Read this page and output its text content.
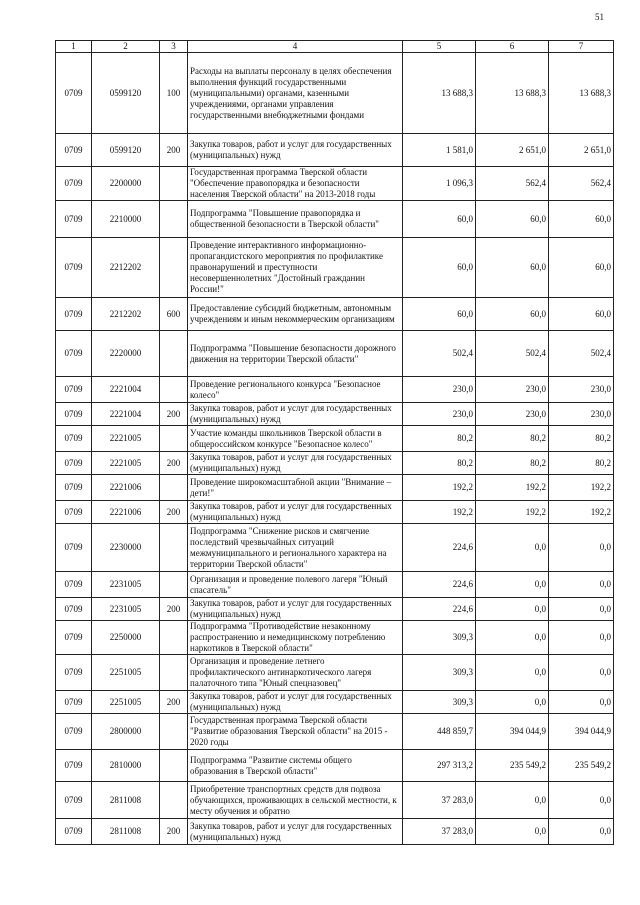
51
1	2	3	4	5	6	7
0709	0599120	100	Расходы на выплаты персоналу в целях обеспечения выполнения функций государственными (муниципальными) органами, казенными учреждениями, органами управления государственными внебюджетными фондами	13 688,3	13 688,3	13 688,3
0709	0599120	200	Закупка товаров, работ и услуг для государственных (муниципальных) нужд	1 581,0	2 651,0	2 651,0
0709	2200000		Государственная программа Тверской области "Обеспечение правопорядка и безопасности населения Тверской области" на 2013-2018 годы	1 096,3	562,4	562,4
0709	2210000		Подпрограмма "Повышение правопорядка и общественной безопасности в Тверской области"	60,0	60,0	60,0
0709	2212202		Проведение интерактивного информационно-пропагандистского мероприятия по профилактике правонарушений и преступности несовершеннолетних "Достойный гражданин России!"	60,0	60,0	60,0
0709	2212202	600	Предоставление субсидий бюджетным, автономным учреждениям и иным некоммерческим организациям	60,0	60,0	60,0
0709	2220000		Подпрограмма "Повышение безопасности дорожного движения на территории Тверской области"	502,4	502,4	502,4
0709	2221004		Проведение регионального конкурса "Безопасное колесо"	230,0	230,0	230,0
0709	2221004	200	Закупка товаров, работ и услуг для государственных (муниципальных) нужд	230,0	230,0	230,0
0709	2221005		Участие команды школьников Тверской области в общероссийском конкурсе "Безопасное колесо"	80,2	80,2	80,2
0709	2221005	200	Закупка товаров, работ и услуг для государственных (муниципальных) нужд	80,2	80,2	80,2
0709	2221006		Проведение широкомасштабной акции "Внимание – дети!"	192,2	192,2	192,2
0709	2221006	200	Закупка товаров, работ и услуг для государственных (муниципальных) нужд	192,2	192,2	192,2
0709	2230000		Подпрограмма "Снижение рисков и смягчение последствий чрезвычайных ситуаций межмуниципального и регионального характера на территории Тверской области"	224,6	0,0	0,0
0709	2231005		Организация и проведение полевого лагеря "Юный спасатель"	224,6	0,0	0,0
0709	2231005	200	Закупка товаров, работ и услуг для государственных (муниципальных) нужд	224,6	0,0	0,0
0709	2250000		Подпрограмма "Противодействие незаконному распространению и немедицинскому потреблению наркотиков в Тверской области"	309,3	0,0	0,0
0709	2251005		Организация и проведение летнего профилактического антинаркотического лагеря палаточного типа "Юный спецназовец"	309,3	0,0	0,0
0709	2251005	200	Закупка товаров, работ и услуг для государственных (муниципальных) нужд	309,3	0,0	0,0
0709	2800000		Государственная программа Тверской области "Развитие образования Тверской области" на 2015 - 2020 годы	448 859,7	394 044,9	394 044,9
0709	2810000		Подпрограмма "Развитие системы общего образования в Тверской области"	297 313,2	235 549,2	235 549,2
0709	2811008		Приобретение транспортных средств для подвоза обучающихся, проживающих в сельской местности, к месту обучения и обратно	37 283,0	0,0	0,0
0709	2811008	200	Закупка товаров, работ и услуг для государственных (муниципальных) нужд	37 283,0	0,0	0,0
